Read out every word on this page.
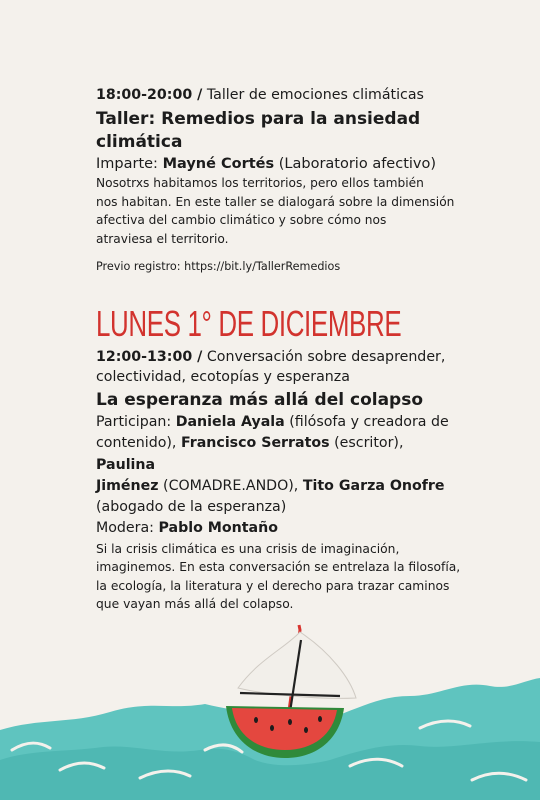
18:00-20:00 / Taller de emociones climáticas
Taller: Remedios para la ansiedad
climática
Imparte: Mayné Cortés (Laboratorio afectivo)
Nosotrxs habitamos los territorios, pero ellos también
nos habitan. En este taller se dialogará sobre la dimensión
afectiva del cambio climático y sobre cómo nos
atraviesa el territorio.
Previo registro: https://bit.ly/TallerRemedios
LUNES 1° DE DICIEMBRE
12:00-13:00 / Conversación sobre desaprender,
colectividad, ecotopías y esperanza
La esperanza más allá del colapso
Participan: Daniela Ayala (filósofa y creadora de
contenido), Francisco Serratos (escritor), Paulina
Jiménez (COMADRE.ANDO), Tito Garza Onofre
(abogado de la esperanza)
Modera: Pablo Montaño
Si la crisis climática es una crisis de imaginación,
imaginemos. En esta conversación se entrelaza la filosofía,
la ecología, la literatura y el derecho para trazar caminos
que vayan más allá del colapso.
